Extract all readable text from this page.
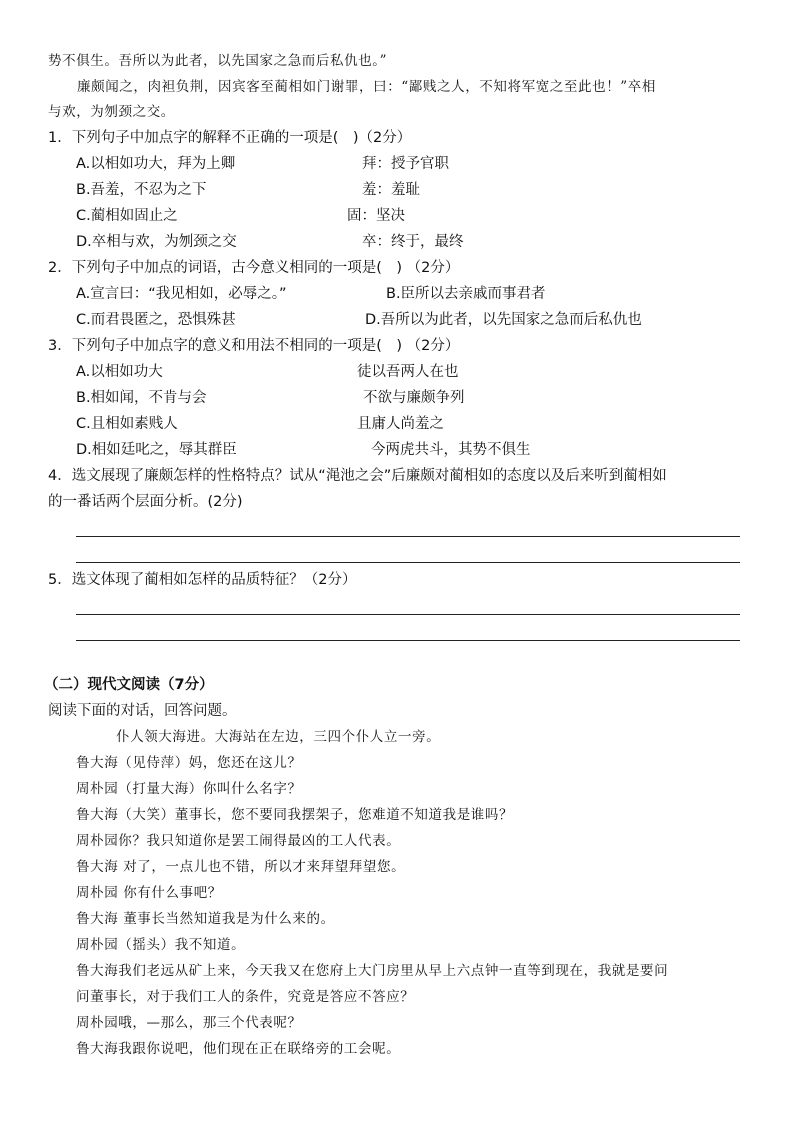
势不俱生。吾所以为此者，以先国家之急而后私仇也。”
廉颇闻之，肉袒负荆，因宾客至蔺相如门谢罪，曰：“鄙贱之人，不知将军宽之至此也！”卒相
与欢，为刎颈之交。
1．下列句子中加点字的解释不正确的一项是(　)（2分）
A.以相如功大，拜为上卿	拜：授予官职
B.吾羞，不忍为之下	羞：羞耻
C.蔺相如固止之	固：坚决
D.卒相与欢，为刎颈之交	卒：终于，最终
2．下列句子中加点的词语，古今意义相同的一项是(　) （2分）
A.宣言曰：“我见相如，必辱之。”	B.臣所以去亲戚而事君者
C.而君畏匿之，恐惧殊甚	D.吾所以为此者，以先国家之急而后私仇也
3．下列句子中加点字的意义和用法不相同的一项是(　) （2分）
A.以相如功大	徒以吾两人在也
B.相如闻，不肯与会	不欲与廉颇争列
C.且相如素贱人	且庸人尚羞之
D.相如廷叱之，辱其群臣	今两虎共斗，其势不俱生
4．选文展现了廉颇怎样的性格特点？试从“渑池之会”后廉颇对蔺相如的态度以及后来听到蔺相如
的一番话两个层面分析。(2分)
5．选文体现了蔺相如怎样的品质特征？（2分）
（二）现代文阅读（7分）
阅读下面的对话，回答问题。
仆人领大海进。大海站在左边，三四个仆人立一旁。
鲁大海（见侍萍）妈，您还在这儿？
周朴园（打量大海）你叫什么名字？
鲁大海（大笑）董事长，您不要同我摆架子，您难道不知道我是谁吗？
周朴园你？我只知道你是罢工闹得最凶的工人代表。
鲁大海 对了，一点儿也不错，所以才来拜望拜望您。
周朴园 你有什么事吧？
鲁大海 董事长当然知道我是为什么来的。
周朴园（摇头）我不知道。
鲁大海我们老远从矿上来，今天我又在您府上大门房里从早上六点钟一直等到现在，我就是要问
问董事长，对于我们工人的条件，究竟是答应不答应？
周朴园哦，—那么，那三个代表呢？
鲁大海我跟你说吧，他们现在正在联络旁的工会呢。
